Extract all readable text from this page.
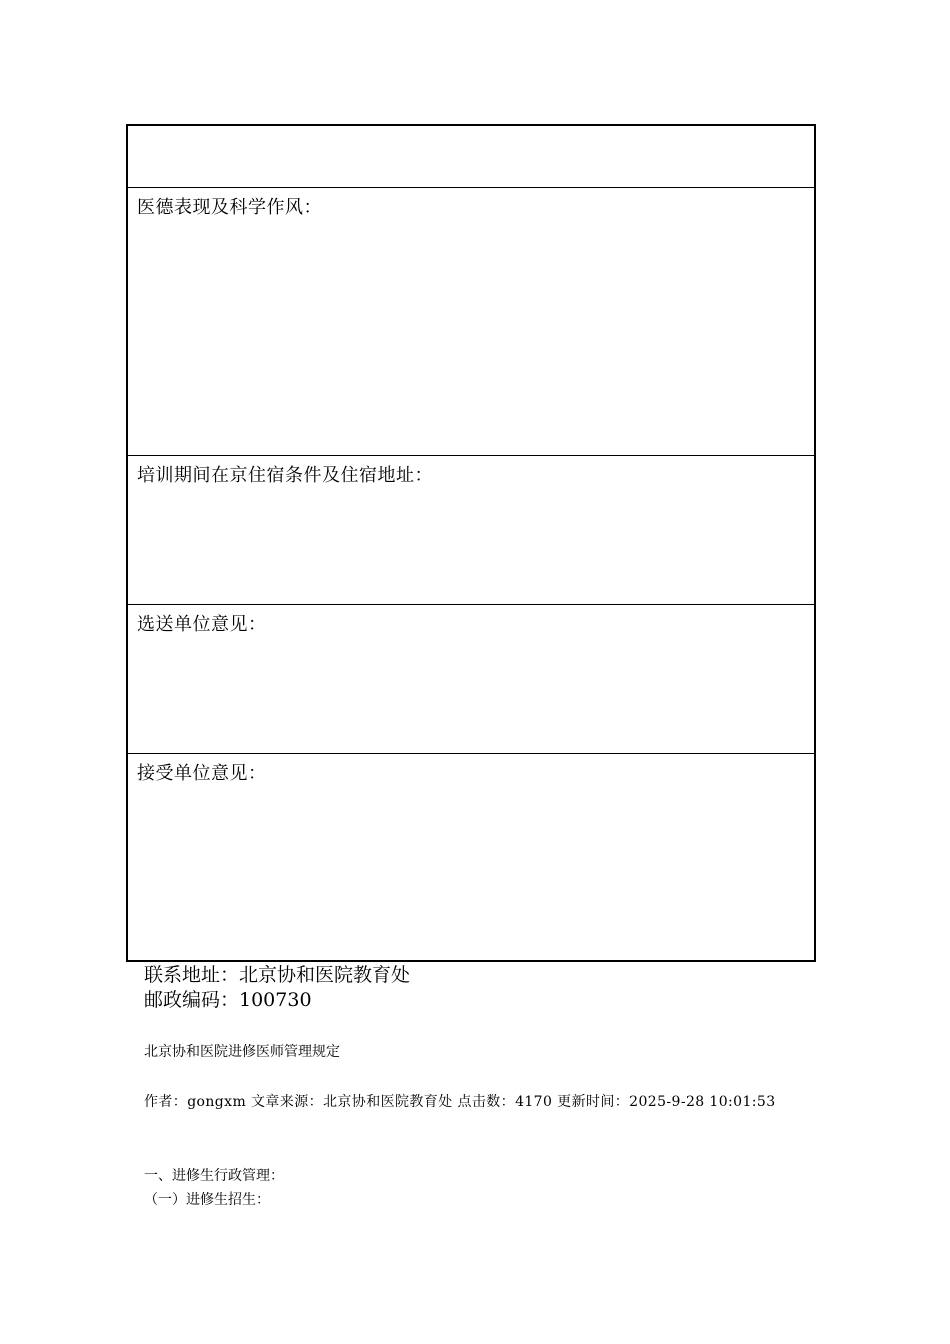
医德表现及科学作风：
培训期间在京住宿条件及住宿地址：
选送单位意见：
接受单位意见：
联系地址：北京协和医院教育处
邮政编码：100730
北京协和医院进修医师管理规定
作者：gongxm 文章来源：北京协和医院教育处 点击数：4170 更新时间：2025-9-28 10:01:53
一、进修生行政管理：
（一）进修生招生：
